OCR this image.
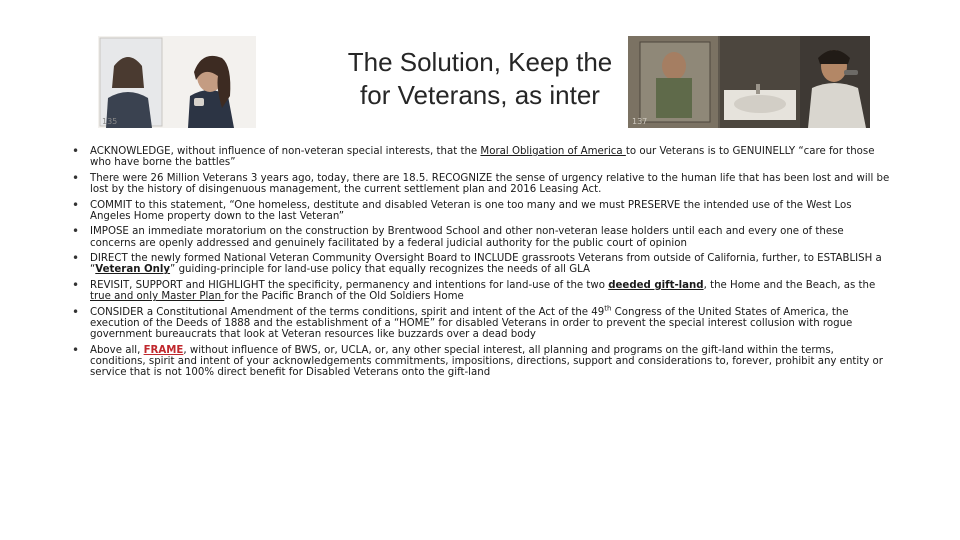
135	137
The Solution, Keep the
for Veterans, as inter
• ACKNOWLEDGE, without influence of non-veteran special interests, that the Moral Obligation of America to our Veterans is to GENUINELLY “care for those who have borne the battles”
• There were 26 Million Veterans 3 years ago, today, there are 18.5. RECOGNIZE the sense of urgency relative to the human life that has been lost and will be lost by the history of disingenuous management, the current settlement plan and 2016 Leasing Act.
• COMMIT to this statement, “One homeless, destitute and disabled Veteran is one too many and we must PRESERVE the intended use of the West Los Angeles Home property down to the last Veteran”
• IMPOSE an immediate moratorium on the construction by Brentwood School and other non-veteran lease holders until each and every one of these concerns are openly addressed and genuinely facilitated by a federal judicial authority for the public court of opinion
• DIRECT the newly formed National Veteran Community Oversight Board to INCLUDE grassroots Veterans from outside of California, further, to ESTABLISH a “Veteran Only” guiding-principle for land-use policy that equally recognizes the needs of all GLA
• REVISIT, SUPPORT and HIGHLIGHT the specificity, permanency and intentions for land-use of the two deeded gift-land, the Home and the Beach, as the true and only Master Plan for the Pacific Branch of the Old Soldiers Home
• CONSIDER a Constitutional Amendment of the terms conditions, spirit and intent of the Act of the 49th Congress of the United States of America, the execution of the Deeds of 1888 and the establishment of a “HOME” for disabled Veterans in order to prevent the special interest collusion with rogue government bureaucrats that look at Veteran resources like buzzards over a dead body
• Above all, FRAME, without influence of BWS, or, UCLA, or, any other special interest, all planning and programs on the gift-land within the terms, conditions, spirit and intent of your acknowledgements commitments, impositions, directions, support and considerations to, forever, prohibit any entity or service that is not 100% direct benefit for Disabled Veterans onto the gift-land
